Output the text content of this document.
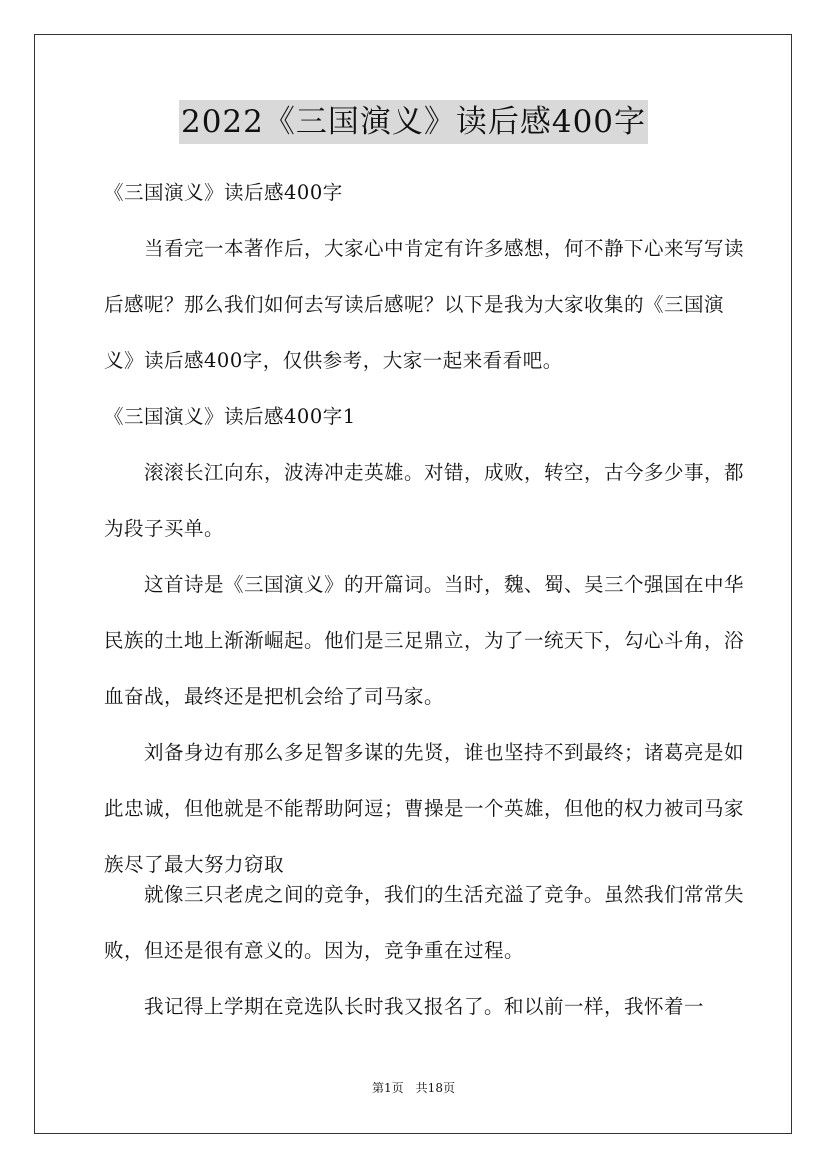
2022《三国演义》读后感400字

《三国演义》读后感400字

当看完一本著作后，大家心中肯定有许多感想，何不静下心来写写读后感呢？那么我们如何去写读后感呢？以下是我为大家收集的《三国演义》读后感400字，仅供参考，大家一起来看看吧。

《三国演义》读后感400字1

滚滚长江向东，波涛冲走英雄。对错，成败，转空，古今多少事，都为段子买单。

这首诗是《三国演义》的开篇词。当时，魏、蜀、吴三个强国在中华民族的土地上渐渐崛起。他们是三足鼎立，为了一统天下，勾心斗角，浴血奋战，最终还是把机会给了司马家。

刘备身边有那么多足智多谋的先贤，谁也坚持不到最终；诸葛亮是如此忠诚，但他就是不能帮助阿逗；曹操是一个英雄，但他的权力被司马家族尽了最大努力窃取

就像三只老虎之间的竞争，我们的生活充溢了竞争。虽然我们常常失败，但还是很有意义的。因为，竞争重在过程。

我记得上学期在竞选队长时我又报名了。和以前一样，我怀着一

第1页　共18页
